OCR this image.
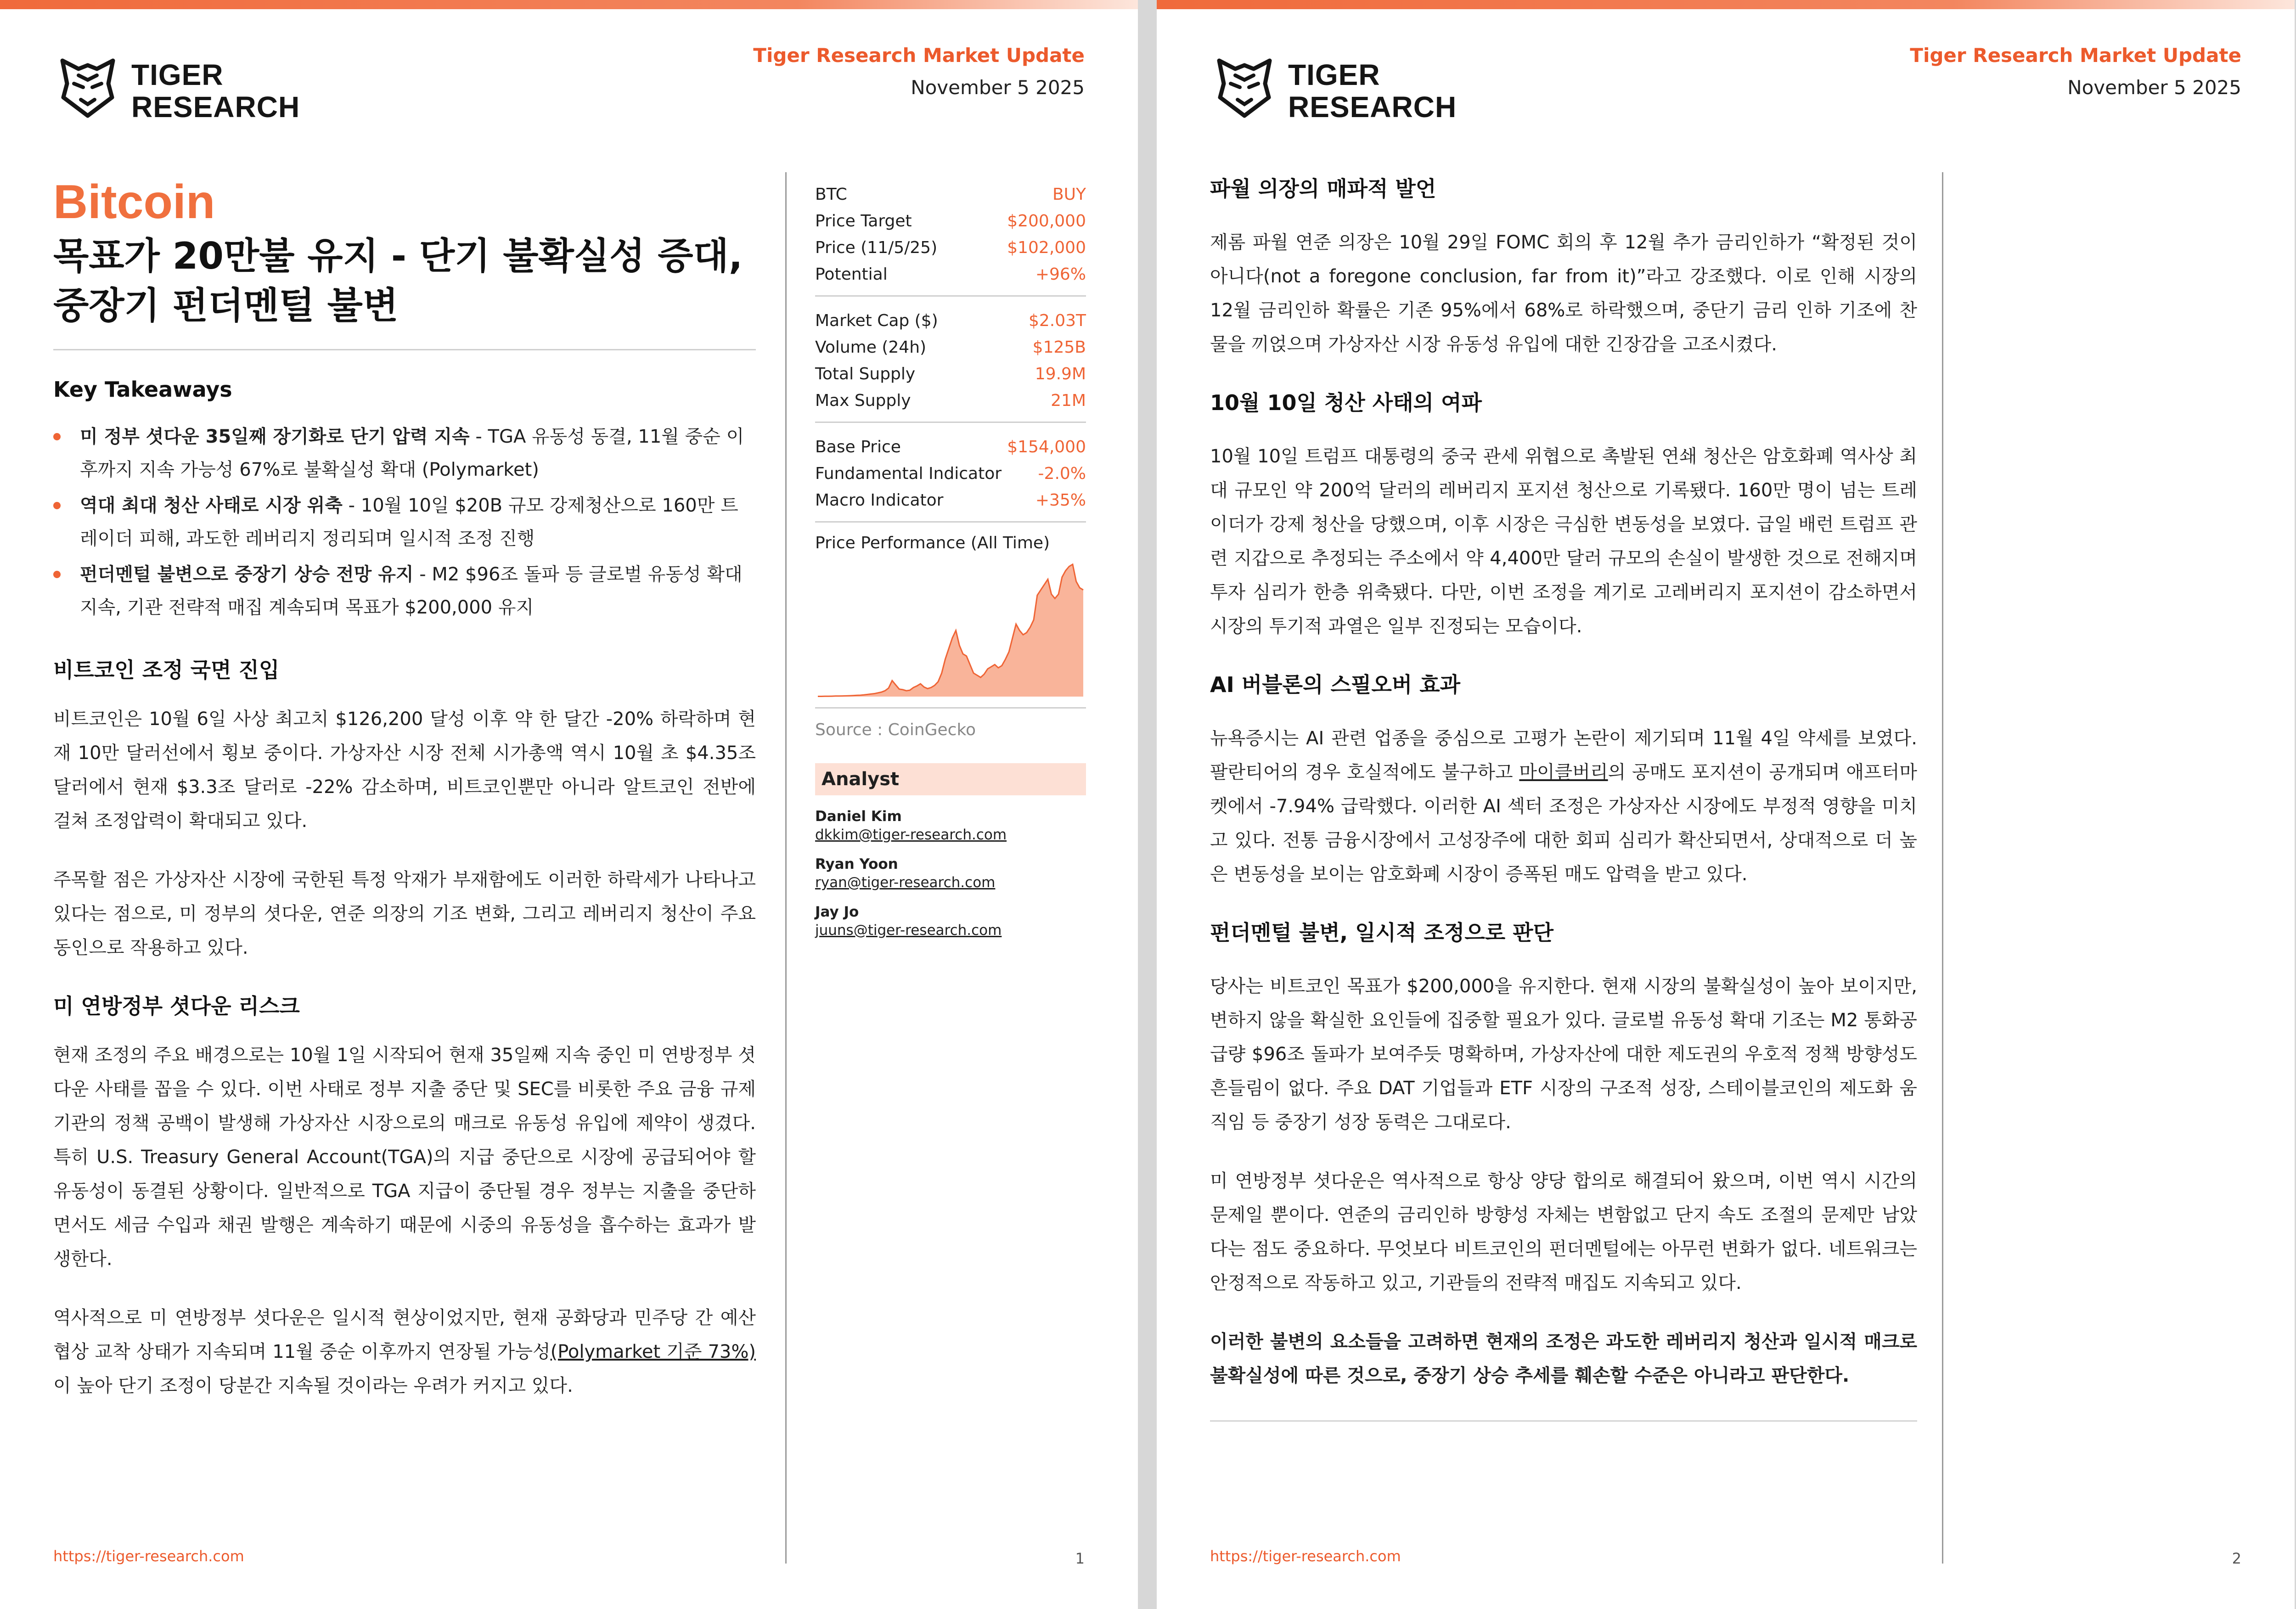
TIGER
RESEARCH
Tiger Research Market Update
November 5 2025
Bitcoin
목표가 20만불 유지 - 단기 불확실성 증대,
중장기 펀더멘털 불변
Key Takeaways
미 정부 셧다운 35일째 장기화로 단기 압력 지속 - TGA 유동성 동결, 11월 중순 이후까지 지속 가능성 67%로 불확실성 확대 (Polymarket)
역대 최대 청산 사태로 시장 위축 - 10월 10일 $20B 규모 강제청산으로 160만 트레이더 피해, 과도한 레버리지 정리되며 일시적 조정 진행
펀더멘털 불변으로 중장기 상승 전망 유지 - M2 $96조 돌파 등 글로벌 유동성 확대 지속, 기관 전략적 매집 계속되며 목표가 $200,000 유지
비트코인 조정 국면 진입

비트코인은 10월 6일 사상 최고치 $126,200 달성 이후 약 한 달간 -20% 하락하며 현재 10만 달러선에서 횡보 중이다. 가상자산 시장 전체 시가총액 역시 10월 초 $4.35조 달러에서 현재 $3.3조 달러로 -22% 감소하며, 비트코인뿐만 아니라 알트코인 전반에 걸쳐 조정압력이 확대되고 있다.

주목할 점은 가상자산 시장에 국한된 특정 악재가 부재함에도 이러한 하락세가 나타나고 있다는 점으로, 미 정부의 셧다운, 연준 의장의 기조 변화, 그리고 레버리지 청산이 주요 동인으로 작용하고 있다.

미 연방정부 셧다운 리스크

현재 조정의 주요 배경으로는 10월 1일 시작되어 현재 35일째 지속 중인 미 연방정부 셧다운 사태를 꼽을 수 있다. 이번 사태로 정부 지출 중단 및 SEC를 비롯한 주요 금융 규제기관의 정책 공백이 발생해 가상자산 시장으로의 매크로 유동성 유입에 제약이 생겼다. 특히 U.S. Treasury General Account(TGA)의 지급 중단으로 시장에 공급되어야 할 유동성이 동결된 상황이다. 일반적으로 TGA 지급이 중단될 경우 정부는 지출을 중단하면서도 세금 수입과 채권 발행은 계속하기 때문에 시중의 유동성을 흡수하는 효과가 발생한다.

역사적으로 미 연방정부 셧다운은 일시적 현상이었지만, 현재 공화당과 민주당 간 예산 협상 교착 상태가 지속되며 11월 중순 이후까지 연장될 가능성(Polymarket 기준 73%)이 높아 단기 조정이 당분간 지속될 것이라는 우려가 커지고 있다.

BTC	BUY
Price Target	$200,000
Price (11/5/25)	$102,000
Potential	+96%
Market Cap ($)	$2.03T
Volume (24h)	$125B
Total Supply	19.9M
Max Supply	21M
Base Price	$154,000
Fundamental Indicator -2.0%
Macro Indicator	+35%
Price Performance (All Time)
Source : CoinGecko
Analyst
Daniel Kim
dkkim@tiger-research.com
Ryan Yoon
ryan@tiger-research.com
Jay Jo
juuns@tiger-research.com
https://tiger-research.com	1
TIGER
RESEARCH
Tiger Research Market Update
November 5 2025
파월 의장의 매파적 발언

제롬 파월 연준 의장은 10월 29일 FOMC 회의 후 12월 추가 금리인하가 “확정된 것이 아니다(not a foregone conclusion, far from it)”라고 강조했다. 이로 인해 시장의 12월 금리인하 확률은 기존 95%에서 68%로 하락했으며, 중단기 금리 인하 기조에 찬물을 끼얹으며 가상자산 시장 유동성 유입에 대한 긴장감을 고조시켰다.

10월 10일 청산 사태의 여파

10월 10일 트럼프 대통령의 중국 관세 위협으로 촉발된 연쇄 청산은 암호화폐 역사상 최대 규모인 약 200억 달러의 레버리지 포지션 청산으로 기록됐다. 160만 명이 넘는 트레이더가 강제 청산을 당했으며, 이후 시장은 극심한 변동성을 보였다. 급일 배런 트럼프 관련 지갑으로 추정되는 주소에서 약 4,400만 달러 규모의 손실이 발생한 것으로 전해지며 투자 심리가 한층 위축됐다. 다만, 이번 조정을 계기로 고레버리지 포지션이 감소하면서 시장의 투기적 과열은 일부 진정되는 모습이다.

AI 버블론의 스필오버 효과

뉴욕증시는 AI 관련 업종을 중심으로 고평가 논란이 제기되며 11월 4일 약세를 보였다. 팔란티어의 경우 호실적에도 불구하고 마이클버리의 공매도 포지션이 공개되며 애프터마켓에서 -7.94% 급락했다. 이러한 AI 섹터 조정은 가상자산 시장에도 부정적 영향을 미치고 있다. 전통 금융시장에서 고성장주에 대한 회피 심리가 확산되면서, 상대적으로 더 높은 변동성을 보이는 암호화폐 시장이 증폭된 매도 압력을 받고 있다.

펀더멘털 불변, 일시적 조정으로 판단

당사는 비트코인 목표가 $200,000을 유지한다. 현재 시장의 불확실성이 높아 보이지만, 변하지 않을 확실한 요인들에 집중할 필요가 있다. 글로벌 유동성 확대 기조는 M2 통화공급량 $96조 돌파가 보여주듯 명확하며, 가상자산에 대한 제도권의 우호적 정책 방향성도 흔들림이 없다. 주요 DAT 기업들과 ETF 시장의 구조적 성장, 스테이블코인의 제도화 움직임 등 중장기 성장 동력은 그대로다.

미 연방정부 셧다운은 역사적으로 항상 양당 합의로 해결되어 왔으며, 이번 역시 시간의 문제일 뿐이다. 연준의 금리인하 방향성 자체는 변함없고 단지 속도 조절의 문제만 남았다는 점도 중요하다. 무엇보다 비트코인의 펀더멘털에는 아무런 변화가 없다. 네트워크는 안정적으로 작동하고 있고, 기관들의 전략적 매집도 지속되고 있다.

이러한 불변의 요소들을 고려하면 현재의 조정은 과도한 레버리지 청산과 일시적 매크로 불확실성에 따른 것으로, 중장기 상승 추세를 훼손할 수준은 아니라고 판단한다.

https://tiger-research.com	2
